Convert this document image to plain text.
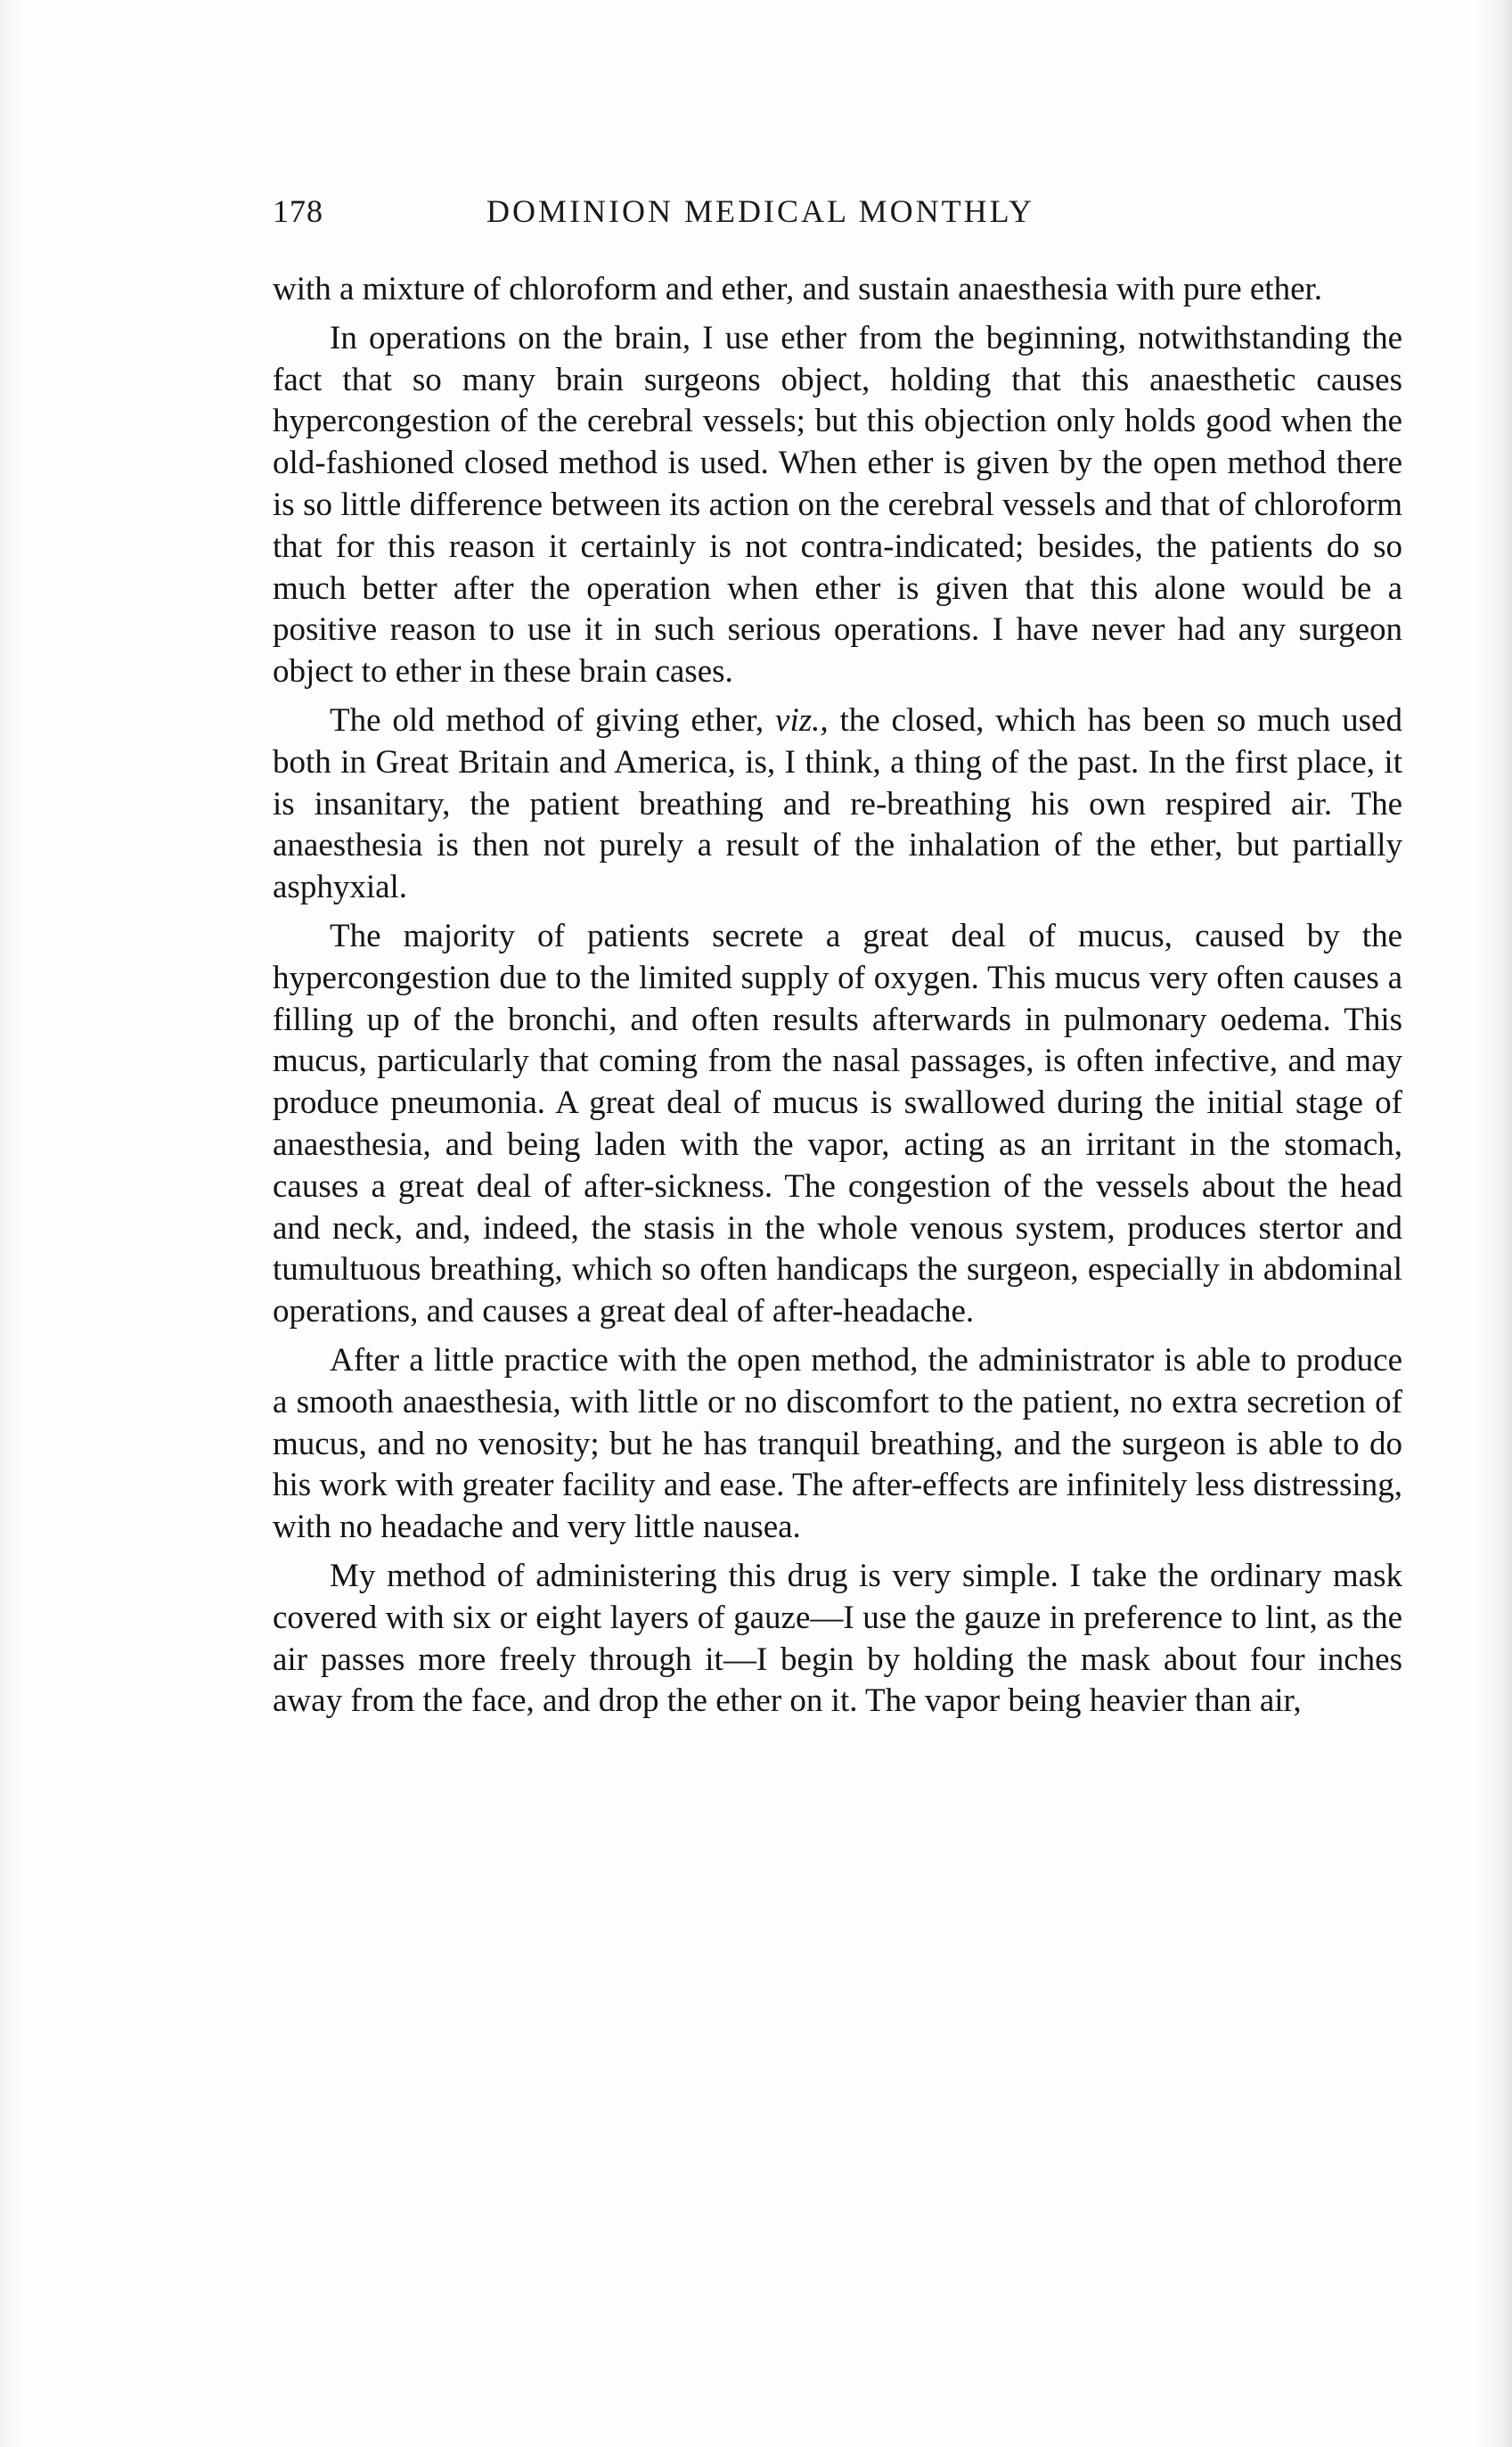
178	DOMINION MEDICAL MONTHLY

with a mixture of chloroform and ether, and sustain anaesthesia with pure ether.

In operations on the brain, I use ether from the beginning, notwithstanding the fact that so many brain surgeons object, holding that this anaesthetic causes hypercongestion of the cerebral vessels; but this objection only holds good when the old-fashioned closed method is used. When ether is given by the open method there is so little difference between its action on the cerebral vessels and that of chloroform that for this reason it certainly is not contra-indicated; besides, the patients do so much better after the operation when ether is given that this alone would be a positive reason to use it in such serious operations. I have never had any surgeon object to ether in these brain cases.

The old method of giving ether, viz., the closed, which has been so much used both in Great Britain and America, is, I think, a thing of the past. In the first place, it is insanitary, the patient breathing and re-breathing his own respired air. The anaesthesia is then not purely a result of the inhalation of the ether, but partially asphyxial.

The majority of patients secrete a great deal of mucus, caused by the hypercongestion due to the limited supply of oxygen. This mucus very often causes a filling up of the bronchi, and often results afterwards in pulmonary oedema. This mucus, particularly that coming from the nasal passages, is often infective, and may produce pneumonia. A great deal of mucus is swallowed during the initial stage of anaesthesia, and being laden with the vapor, acting as an irritant in the stomach, causes a great deal of after-sickness. The congestion of the vessels about the head and neck, and, indeed, the stasis in the whole venous system, produces stertor and tumultuous breathing, which so often handicaps the surgeon, especially in abdominal operations, and causes a great deal of after-headache.

After a little practice with the open method, the administrator is able to produce a smooth anaesthesia, with little or no discomfort to the patient, no extra secretion of mucus, and no venosity; but he has tranquil breathing, and the surgeon is able to do his work with greater facility and ease. The after-effects are infinitely less distressing, with no headache and very little nausea.

My method of administering this drug is very simple. I take the ordinary mask covered with six or eight layers of gauze—I use the gauze in preference to lint, as the air passes more freely through it—I begin by holding the mask about four inches away from the face, and drop the ether on it. The vapor being heavier than air,
